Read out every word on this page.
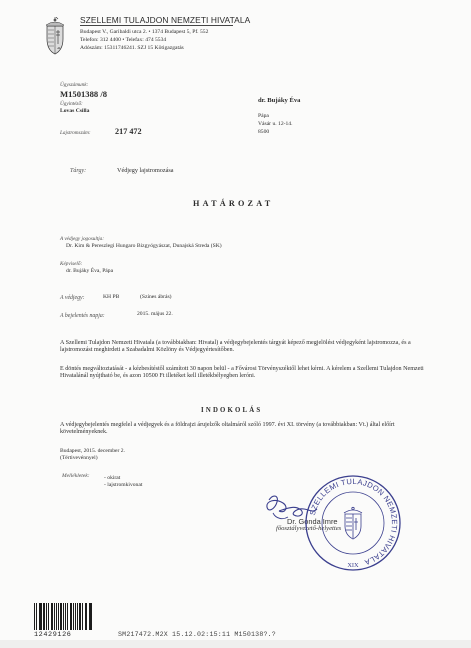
SZELLEMI TULAJDON NEMZETI HIVATALA
Budapest V., Garibaldi utca 2. • 1374 Budapest 5, Pf. 552
Telefon: 312 4400 • Telefax: 474 5534
Adószám: 15311746241. SZJ 15 Kötigazgatás
Ügyszámunk:
M1501388 /8
Ügyintéző:
Lovas Csilla
Lajstromszám:	217 472
dr. Bujáky Éva
Pápa
Vásár u. 12-14.
8500
Tárgy:	Védjegy lajstromozása
HATÁROZAT
A védjegy jogosultja:
Dr. Kim & Pereszlegi Hungaro Bizgyógyászat, Dunajská Streda (SK)
Képviselő:
dr. Bujáky Éva, Pápa
A védjegy:	KH PB	(Színes ábrás)
A bejelentés napja:	2015. május 22.
A Szellemi Tulajdon Nemzeti Hivatala (a továbbiakban: Hivatal) a védjegybejelentés tárgyát képező megjelölést védjegyként lajstromozza, és a lajstromozást meghirdeti a Szabadalmi Közlöny és Védjegyértesítőben.
E döntés megváltoztatását - a kézbesítéstől számított 30 napon belül - a Fővárosi Törvényszéktől lehet kérni. A kérelem a Szellemi Tulajdon Nemzeti Hivatalánál nyújtható be, és azon 10500 Ft illetéket kell illetékbélyegben leróni.
INDOKOLÁS
A védjegybejelentés megfelel a védjegyek és a földrajzi árujelzők oltalmáról szóló 1997. évi XI. törvény (a továbbiakban: Vt.) által előírt követelményeknek.
Budapest, 2015. december 2.
(Tértivevénnyel)
Mellékletek:	- okirat
- lajstromkivonat
Dr. Gonda Imre
főosztályvezető-helyettes
SZELLEMI TULAJDON NEMZETI HIVATALA
XIX
12429126	SM217472.M2X 15.12.02:15:11 M150138?.?
